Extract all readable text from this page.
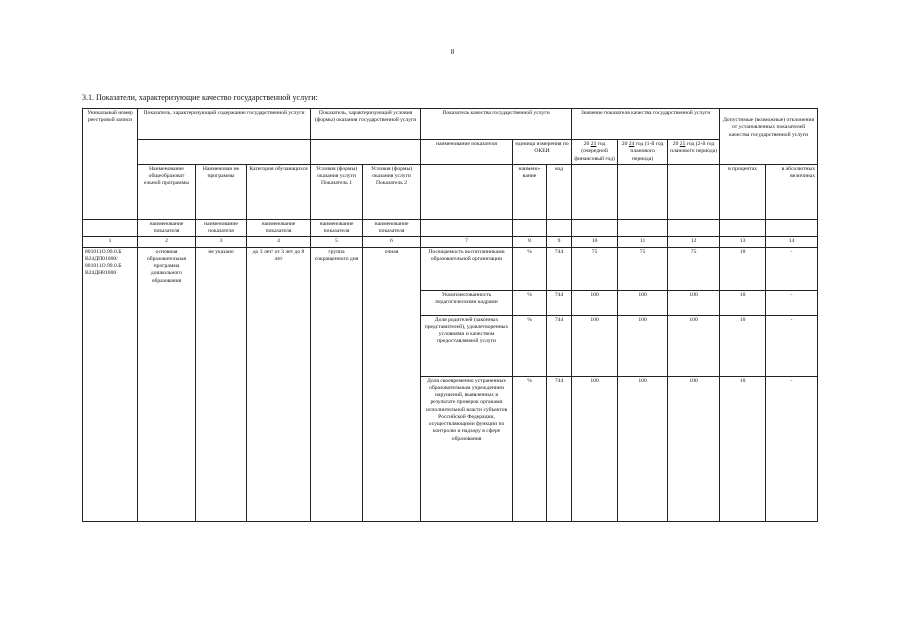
8
3.1. Показатели, характеризующие качество государственной услуги:
Уникальный номер реестровой записи	Показатель, характеризующий содержание государственной услуги			Показатель, характеризующий условия (формы) оказания государственной услуги		Показатель качества государственной услуги			Значение показателя качества государственной услуги			Допустимые (возможные) отклонения от установленных показателей качества государственной услуги	
						наименование показателя	единица измерения по ОКЕИ		20 23 год (очередной финансовый год)	20 24 год (1-й год планового периода)	20 25 год (2-й год планового периода)		
	Наименование общеобразоват ельной программы	Наименован ие программы	Категория обучающихся	Условия (формы) оказания услуги Показатель 1	Условия (формы) оказания услуги Показатель 2		наимено-вание	код				в процентах	в абсолютных величинах
	наименование показателя	наименование показателя	наименование показателя	наименование показателя	наименование показателя								
1	2	3	4	5	6	7	8	9	10	11	12	13	14
801011О.99.0.Б В24ДП01000/ 801011О.99.0.Б В24ДН81000	основная образовательная программа дошкольного образования	не указано	до 3 лет/ от 3 лет до 8 лет	группа сокращенного дня	очная	Посещаемость воспитанниками образовательной организации	%	744	75	75	75	10	-
						Укомплектованность педагогическими кадрами	%	744	100	100	100	10	-
						Доля родителей (законных представителей), удовлетворенных условиями и качеством предоставляемой услуги	%	744	100	100	100	10	-
						Доля своевременно устраненных образовательным учреждением нарушений, выявленных в результате проверок органами исполнительной власти субъектов Российской Федерации, осуществляющими функции по контролю и надзору в сфере образования	%	744	100	100	100	10	-
